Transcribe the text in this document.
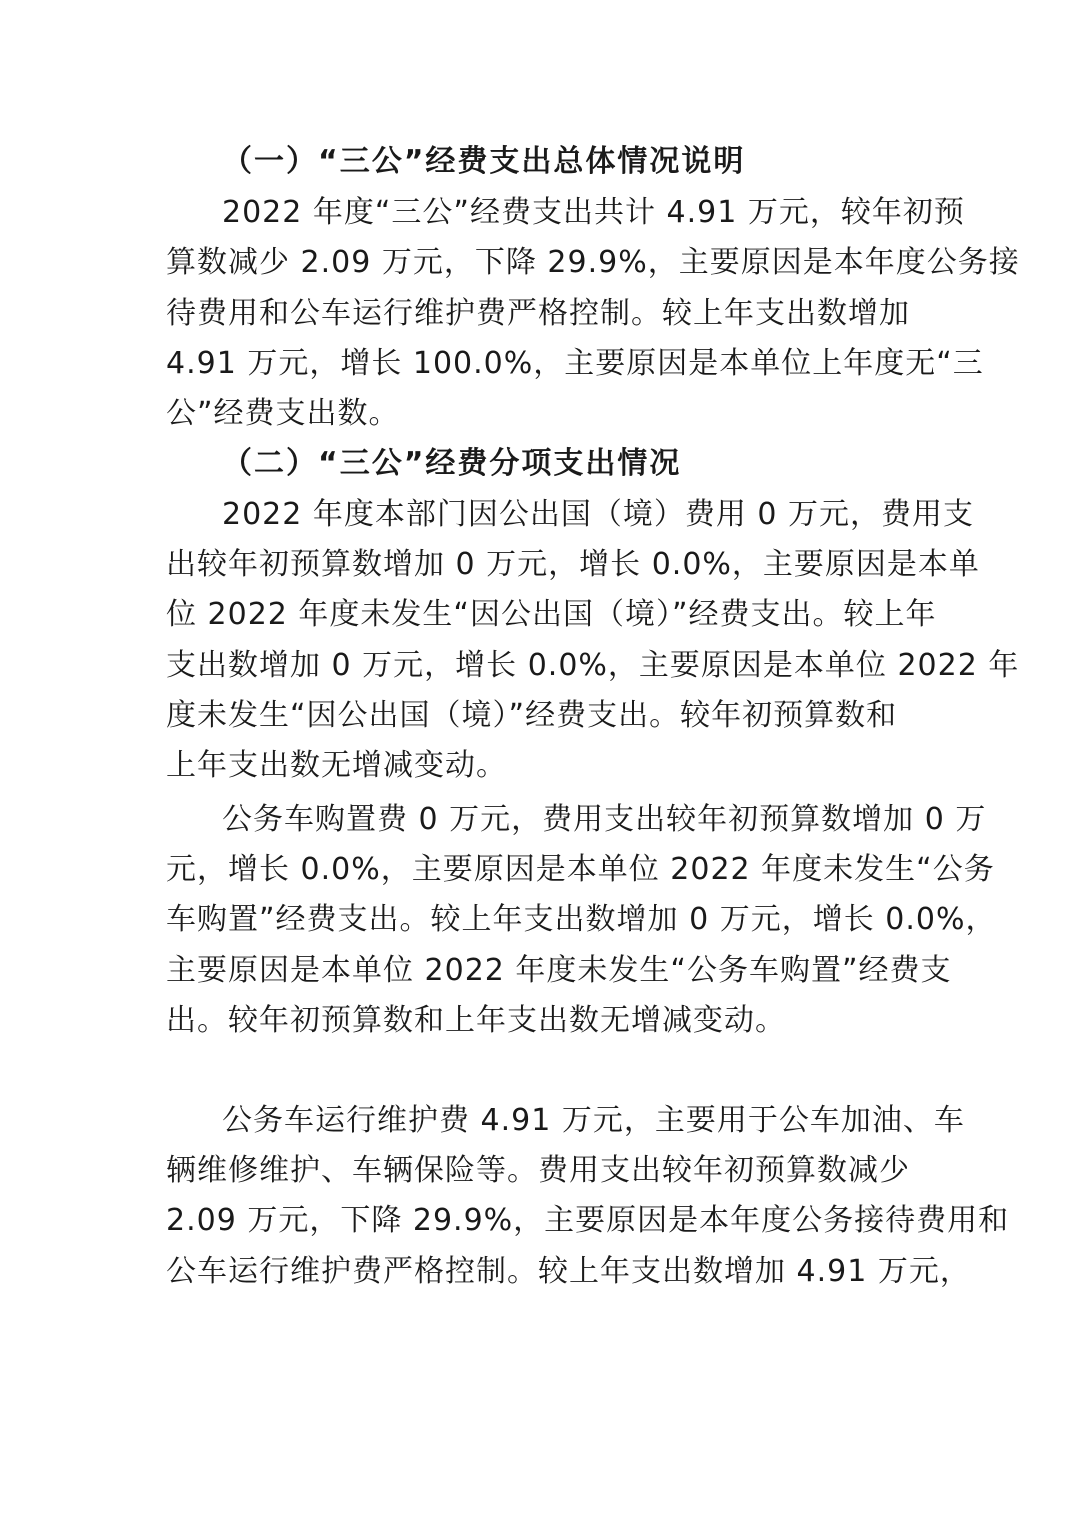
（一）“三公”经费支出总体情况说明
2022 年度“三公”经费支出共计 4.91 万元，较年初预
算数减少 2.09 万元，下降 29.9%，主要原因是本年度公务接
待费用和公车运行维护费严格控制。较上年支出数增加
4.91 万元，增长 100.0%，主要原因是本单位上年度无“三
公”经费支出数。
（二）“三公”经费分项支出情况
2022 年度本部门因公出国（境）费用 0 万元，费用支
出较年初预算数增加 0 万元，增长 0.0%，主要原因是本单
位 2022 年度未发生“因公出国（境）”经费支出。较上年
支出数增加 0 万元，增长 0.0%，主要原因是本单位 2022 年
度未发生“因公出国（境）”经费支出。较年初预算数和
上年支出数无增减变动。
公务车购置费 0 万元，费用支出较年初预算数增加 0 万
元，增长 0.0%，主要原因是本单位 2022 年度未发生“公务
车购置”经费支出。较上年支出数增加 0 万元，增长 0.0%，
主要原因是本单位 2022 年度未发生“公务车购置”经费支
出。较年初预算数和上年支出数无增减变动。
公务车运行维护费 4.91 万元，主要用于公车加油、车
辆维修维护、车辆保险等。费用支出较年初预算数减少
2.09 万元，下降 29.9%，主要原因是本年度公务接待费用和
公车运行维护费严格控制。较上年支出数增加 4.91 万元，
